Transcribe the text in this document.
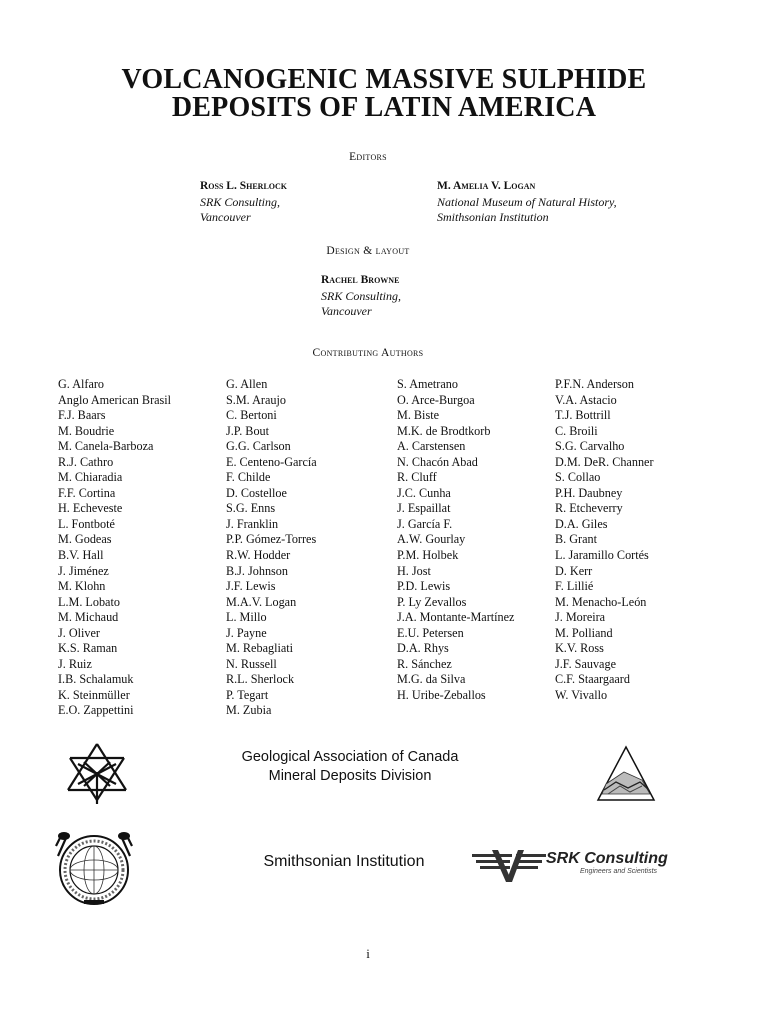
VOLCANOGENIC MASSIVE SULPHIDE
DEPOSITS OF LATIN AMERICA
Editors
Ross L. Sherlock
SRK Consulting,
Vancouver
M. Amelia V. Logan
National Museum of Natural History,
Smithsonian Institution
Design & layout
Rachel Browne
SRK Consulting,
Vancouver
Contributing Authors
G. Alfaro
Anglo American Brasil
F.J. Baars
M. Boudrie
M. Canela-Barboza
R.J. Cathro
M. Chiaradia
F.F. Cortina
H. Echeveste
L. Fontboté
M. Godeas
B.V. Hall
J. Jiménez
M. Klohn
L.M. Lobato
M. Michaud
J. Oliver
K.S. Raman
J. Ruiz
I.B. Schalamuk
K. Steinmüller
E.O. Zappettini
G. Allen
S.M. Araujo
C. Bertoni
J.P. Bout
G.G. Carlson
E. Centeno-García
F. Childe
D. Costelloe
S.G. Enns
J. Franklin
P.P. Gómez-Torres
R.W. Hodder
B.J. Johnson
J.F. Lewis
M.A.V. Logan
L. Millo
J. Payne
M. Rebagliati
N. Russell
R.L. Sherlock
P. Tegart
M. Zubia
S. Ametrano
O. Arce-Burgoa
M. Biste
M.K. de Brodtkorb
A. Carstensen
N. Chacón Abad
R. Cluff
J.C. Cunha
J. Espaillat
J. García F.
A.W. Gourlay
P.M. Holbek
H. Jost
P.D. Lewis
P. Ly Zevallos
J.A. Montante-Martínez
E.U. Petersen
D.A. Rhys
R. Sánchez
M.G. da Silva
H. Uribe-Zeballos
P.F.N. Anderson
V.A. Astacio
T.J. Bottrill
C. Broili
S.G. Carvalho
D.M. DeR. Channer
S. Collao
P.H. Daubney
R. Etcheverry
D.A. Giles
B. Grant
L. Jaramillo Cortés
D. Kerr
F. Lillié
M. Menacho-León
J. Moreira
M. Polliand
K.V. Ross
J.F. Sauvage
C.F. Staargaard
W. Vivallo
Geological Association of Canada
Mineral Deposits Division
Smithsonian Institution	SRK Consulting
Engineers and Scientists
i
